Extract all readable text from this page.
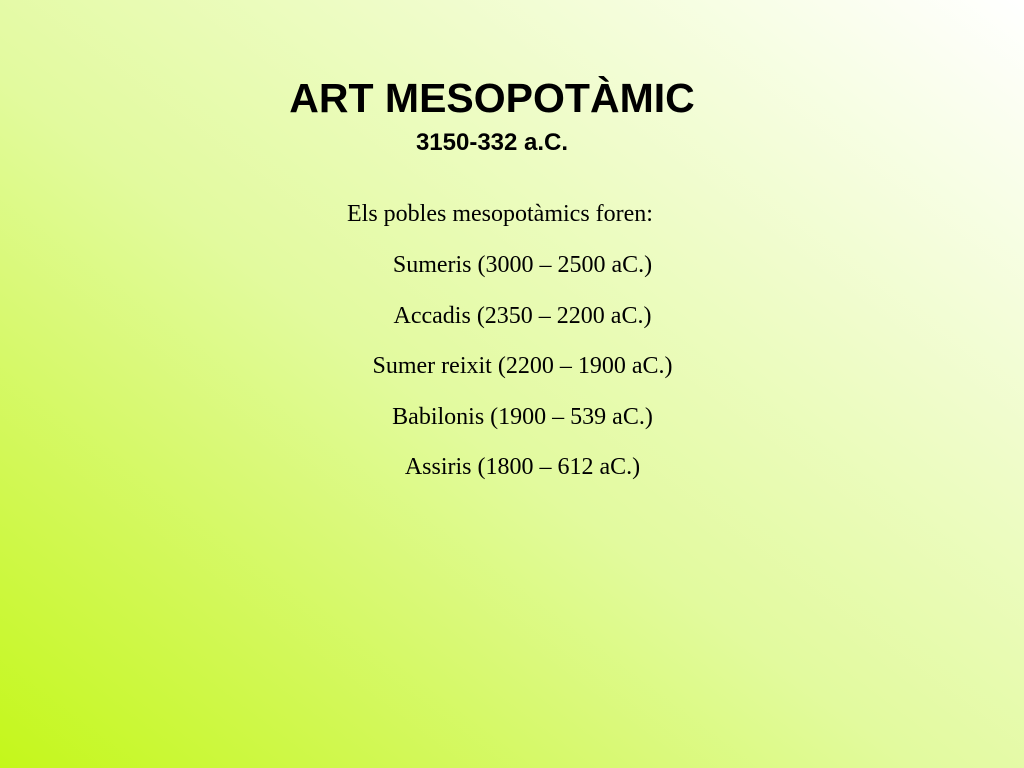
ART MESOPOTÀMIC
3150-332 a.C.
Els pobles mesopotàmics foren:
Sumeris (3000 – 2500 aC.)
Accadis (2350 – 2200 aC.)
Sumer reixit (2200 – 1900 aC.)
Babilonis (1900 – 539 aC.)
Assiris (1800 – 612 aC.)
